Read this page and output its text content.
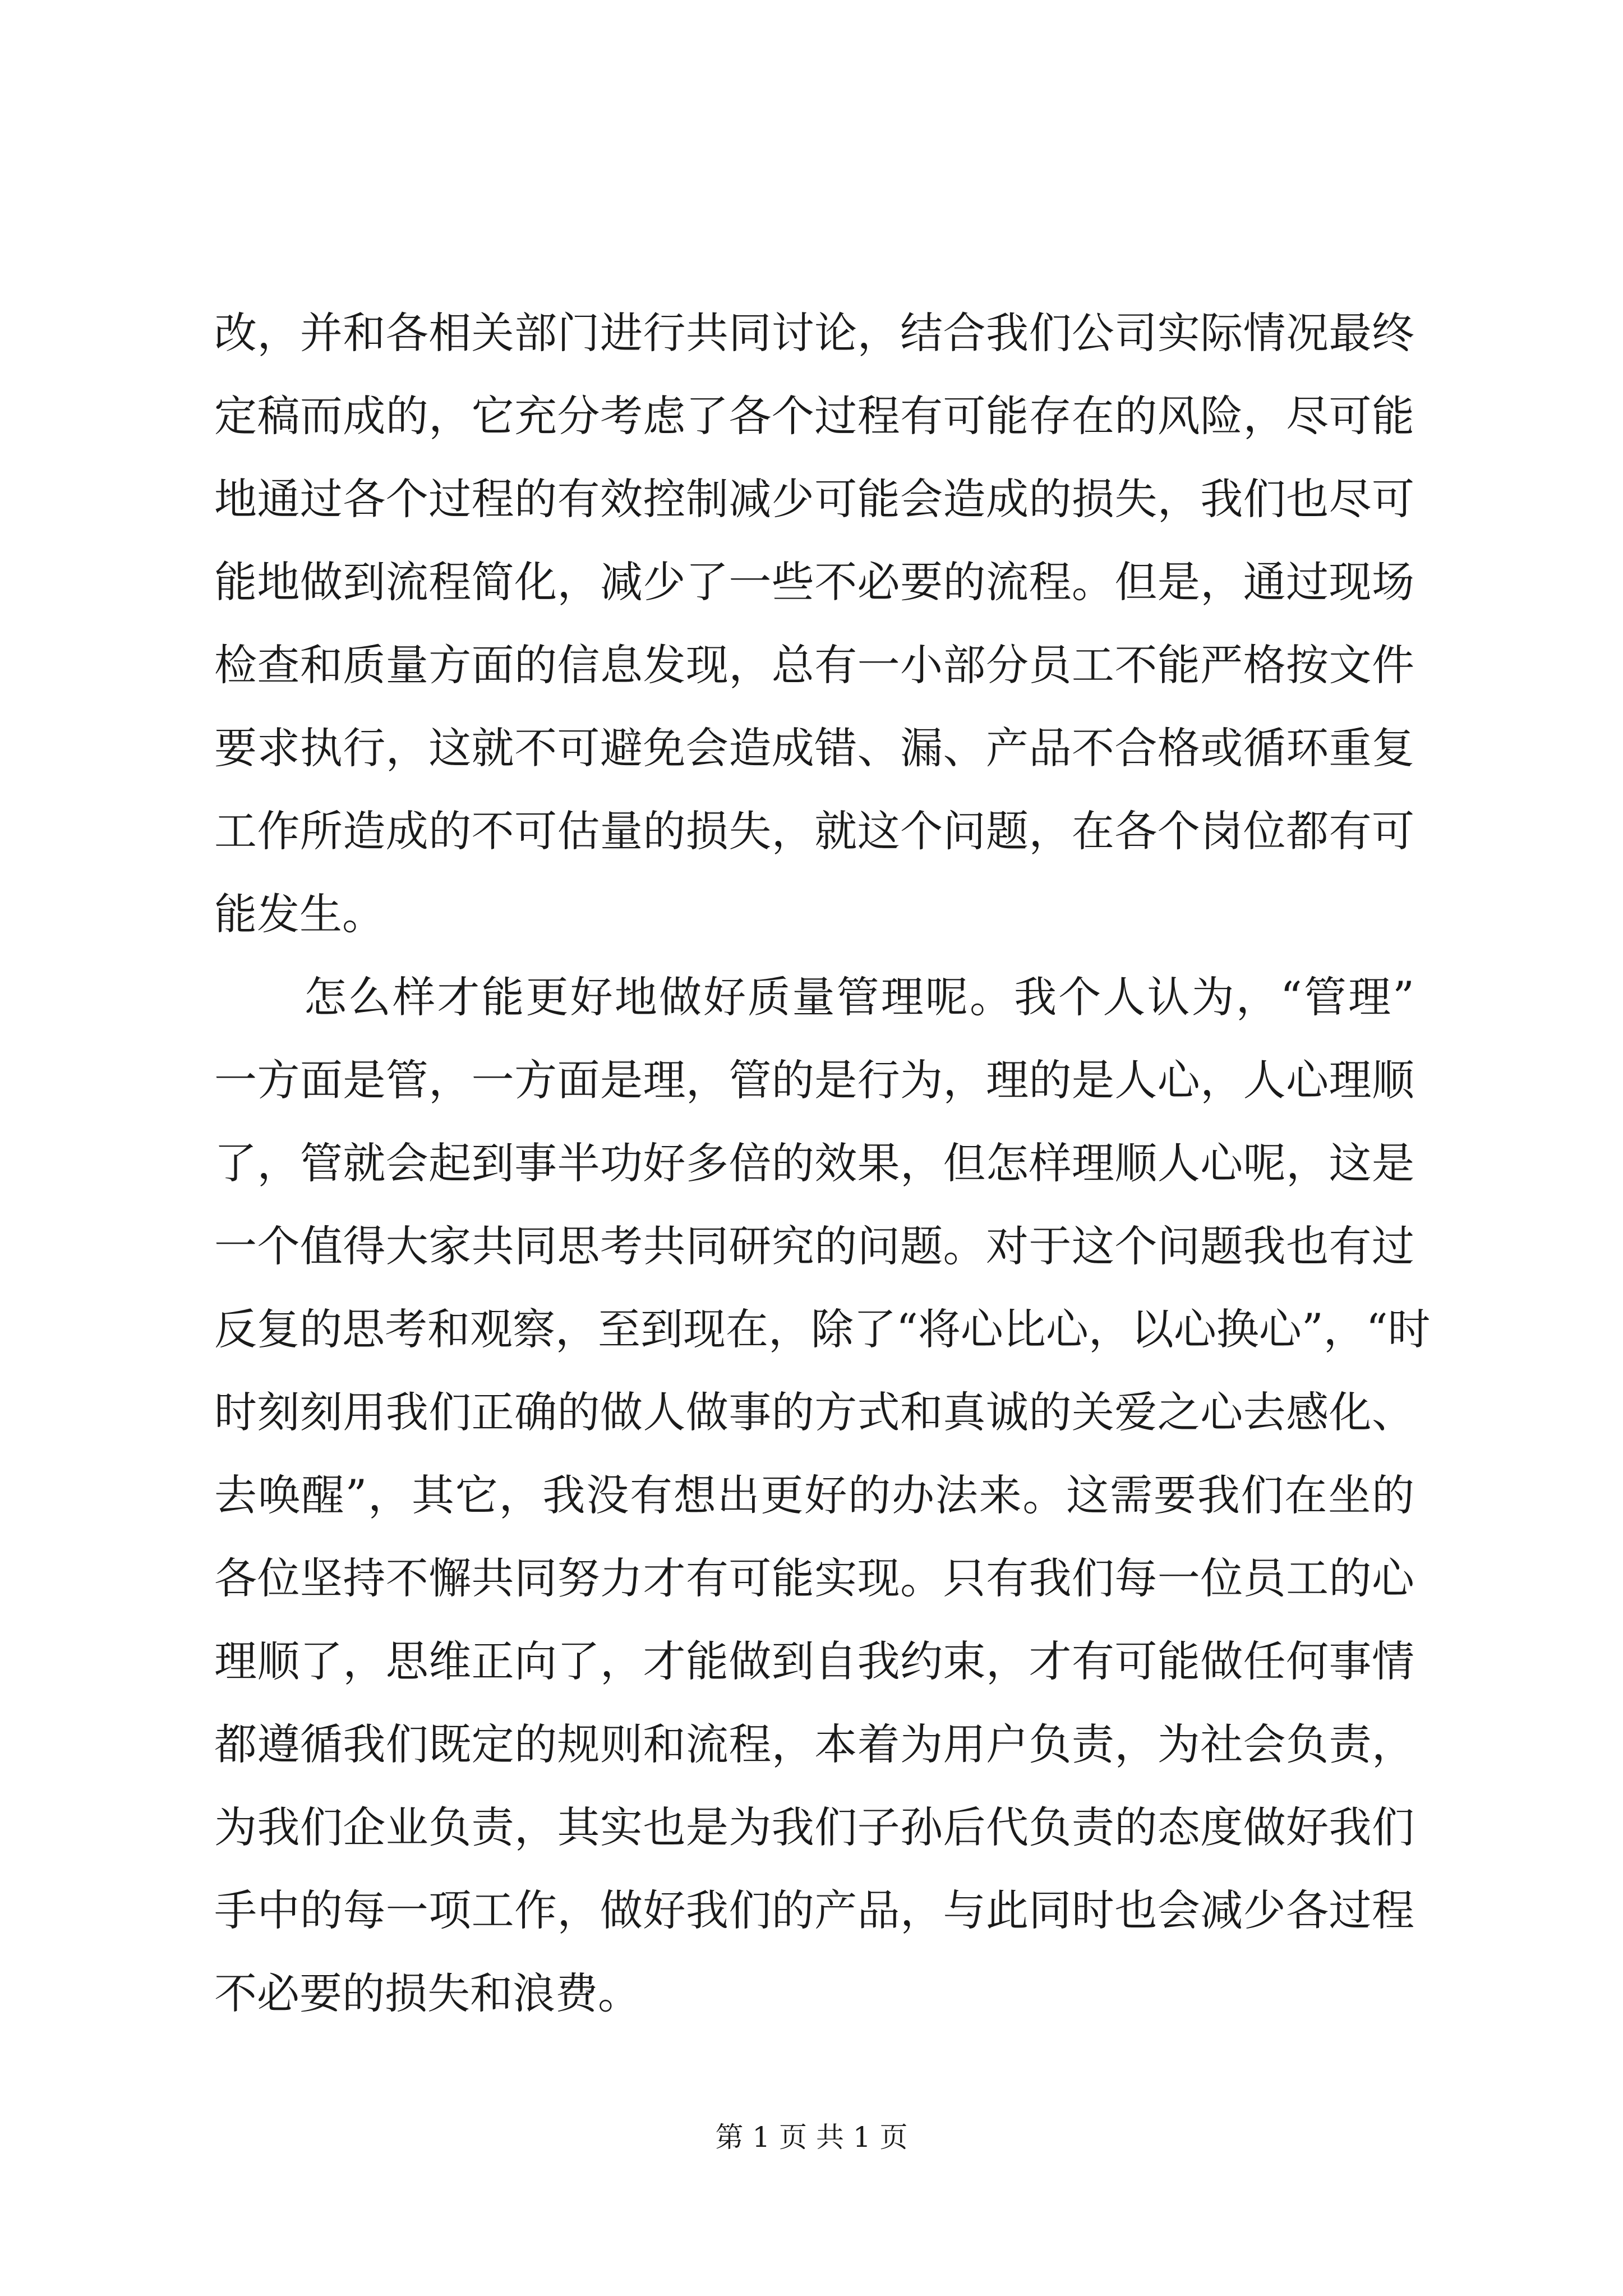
改，并和各相关部门进行共同讨论，结合我们公司实际情况最终
定稿而成的，它充分考虑了各个过程有可能存在的风险，尽可能
地通过各个过程的有效控制减少可能会造成的损失，我们也尽可
能地做到流程简化，减少了一些不必要的流程。但是，通过现场
检查和质量方面的信息发现，总有一小部分员工不能严格按文件
要求执行，这就不可避免会造成错、漏、产品不合格或循环重复
工作所造成的不可估量的损失，就这个问题，在各个岗位都有可
能发生。
怎么样才能更好地做好质量管理呢。我个人认为，“管理”
一方面是管，一方面是理，管的是行为，理的是人心，人心理顺
了，管就会起到事半功好多倍的效果，但怎样理顺人心呢，这是
一个值得大家共同思考共同研究的问题。对于这个问题我也有过
反复的思考和观察，至到现在，除了“将心比心，以心换心”，“时
时刻刻用我们正确的做人做事的方式和真诚的关爱之心去感化、
去唤醒”，其它，我没有想出更好的办法来。这需要我们在坐的
各位坚持不懈共同努力才有可能实现。只有我们每一位员工的心
理顺了，思维正向了，才能做到自我约束，才有可能做任何事情
都遵循我们既定的规则和流程，本着为用户负责，为社会负责，
为我们企业负责，其实也是为我们子孙后代负责的态度做好我们
手中的每一项工作，做好我们的产品，与此同时也会减少各过程
不必要的损失和浪费。
第 1 页 共 1 页
